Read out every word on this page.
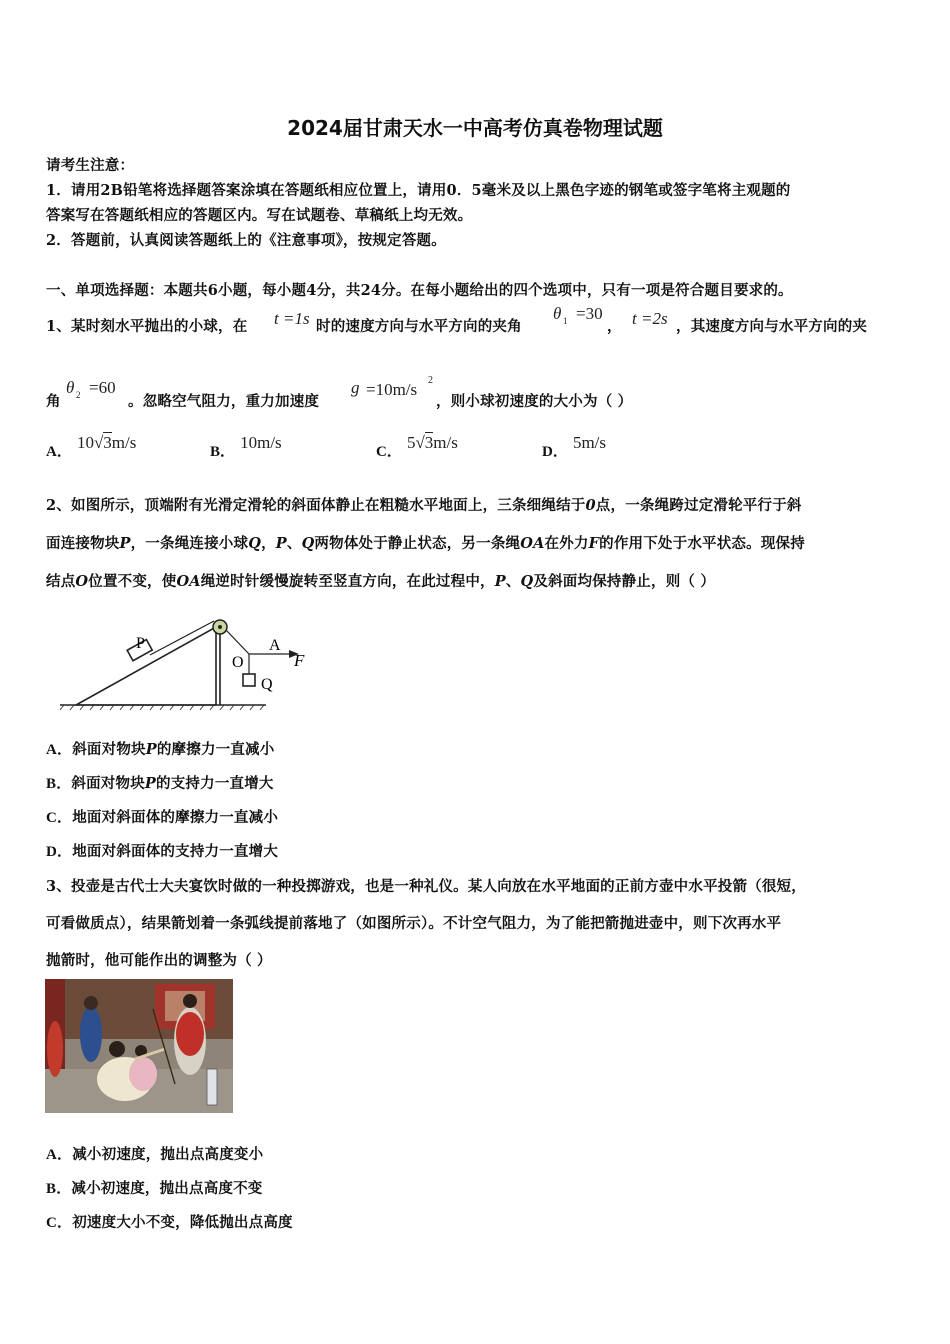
2024届甘肃天水一中高考仿真卷物理试题
请考生注意：
1．请用2B铅笔将选择题答案涂填在答题纸相应位置上，请用0．5毫米及以上黑色字迹的钢笔或签字笔将主观题的
答案写在答题纸相应的答题区内。写在试题卷、草稿纸上均无效。
2．答题前，认真阅读答题纸上的《注意事项》，按规定答题。
一、单项选择题：本题共6小题，每小题4分，共24分。在每小题给出的四个选项中，只有一项是符合题目要求的。
1、某时刻水平抛出的小球，在 t =1s 时的速度方向与水平方向的夹角
θ 1 =30
， t =2s ，其速度方向与水平方向的夹
角
θ 2 =60
。忽略空气阻力，重力加速度
g =10m/s 2
，则小球初速度的大小为（ ）
A． 10√3m/s	B． 10m/s	C． 5√3m/s	D． 5m/s
2、如图所示，顶端附有光滑定滑轮的斜面体静止在粗糙水平地面上，三条细绳结于0点，一条绳跨过定滑轮平行于斜
面连接物块P，一条绳连接小球Q，P、Q两物体处于静止状态，另一条绳OA在外力F的作用下处于水平状态。现保持
结点O位置不变，使OA绳逆时针缓慢旋转至竖直方向，在此过程中，P、Q及斜面均保持静止，则（ ）
P
O
A
F
Q
A．斜面对物块P的摩擦力一直减小
B．斜面对物块P的支持力一直增大
C．地面对斜面体的摩擦力一直减小
D．地面对斜面体的支持力一直增大
3、投壶是古代士大夫宴饮时做的一种投掷游戏，也是一种礼仪。某人向放在水平地面的正前方壶中水平投箭（很短，
可看做质点），结果箭划着一条弧线提前落地了（如图所示）。不计空气阻力，为了能把箭抛进壶中，则下次再水平
抛箭时，他可能作出的调整为（ ）
A．减小初速度，抛出点高度变小
B．减小初速度，抛出点高度不变
C．初速度大小不变，降低抛出点高度
